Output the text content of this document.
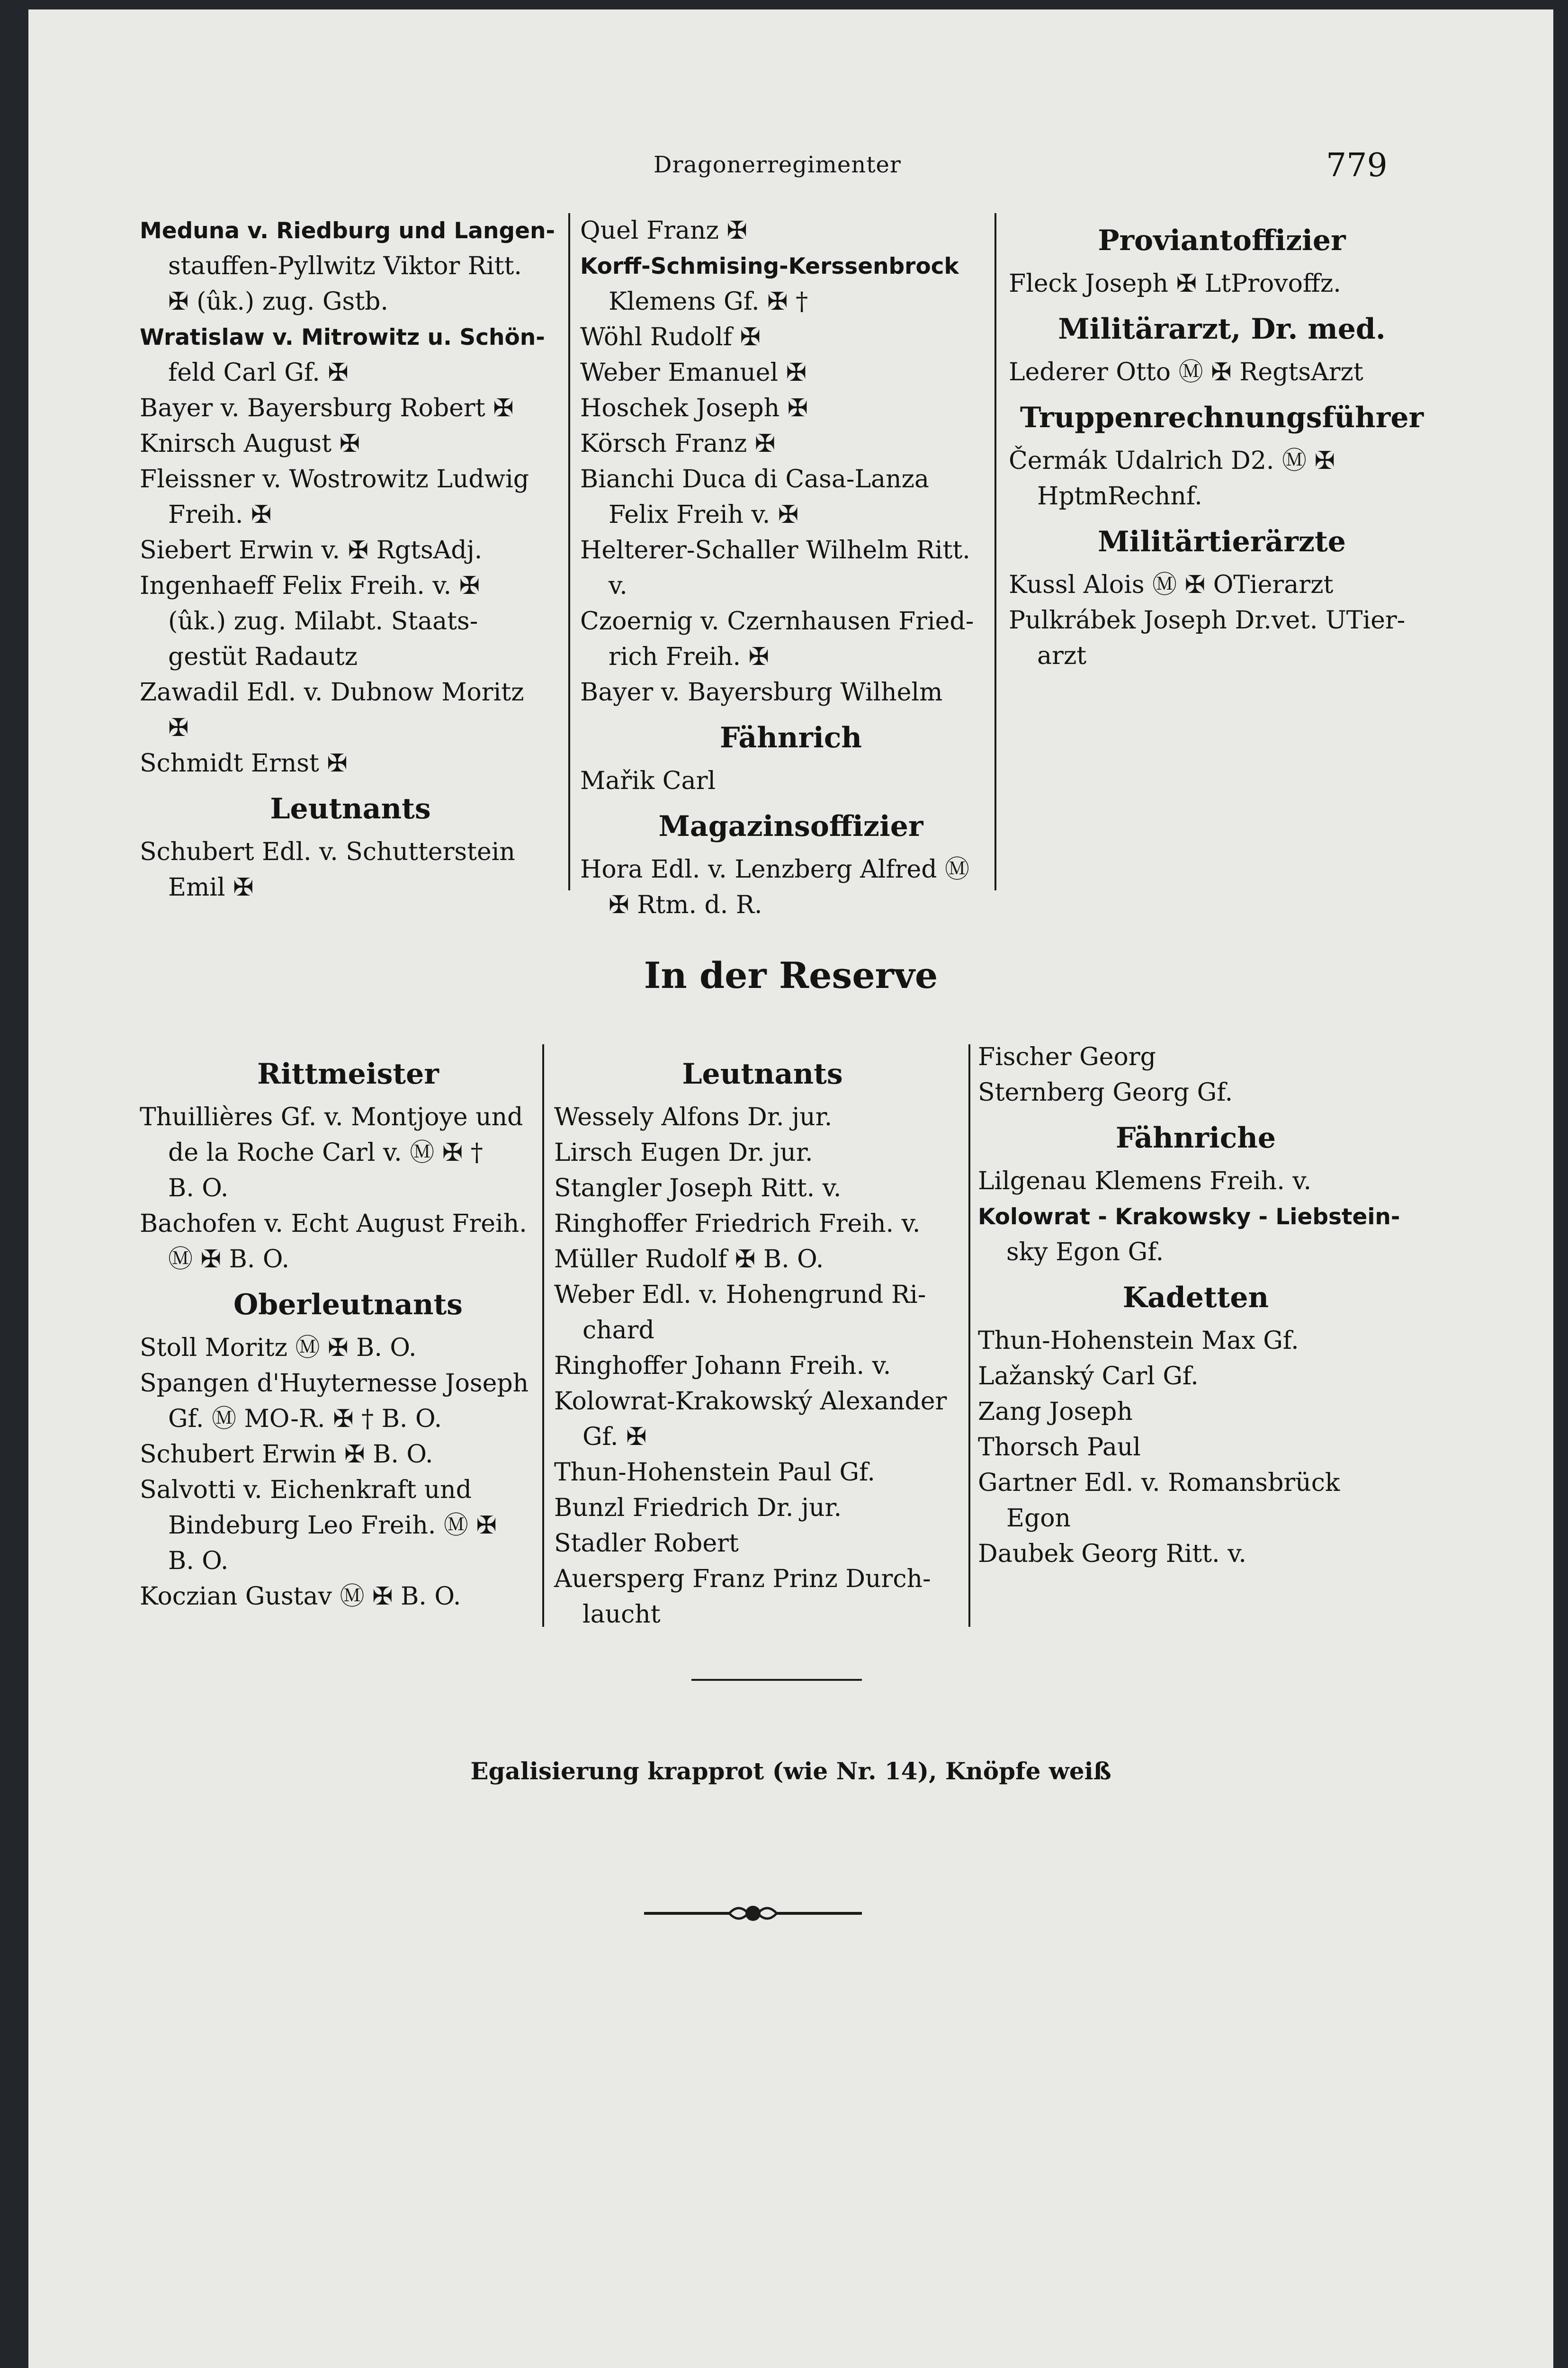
Dragonerregimenter	779

Meduna v. Riedburg und Langen-

stauffen-Pyllwitz Viktor Ritt.

✠ (ûk.) zug. Gstb.

Wratislaw v. Mitrowitz u. Schön-

feld Carl Gf. ✠

Bayer v. Bayersburg Robert ✠

Knirsch August ✠

Fleissner v. Wostrowitz Ludwig

Freih. ✠

Siebert Erwin v. ✠ RgtsAdj.

Ingenhaeff Felix Freih. v. ✠

(ûk.) zug. Milabt. Staats-

gestüt Radautz

Zawadil Edl. v. Dubnow Moritz

✠

Schmidt Ernst ✠

Leutnants

Schubert Edl. v. Schutterstein

Emil ✠

Quel Franz ✠

Korff-Schmising-Kerssenbrock

Klemens Gf. ✠ †

Wöhl Rudolf ✠

Weber Emanuel ✠

Hoschek Joseph ✠

Körsch Franz ✠

Bianchi Duca di Casa-Lanza

Felix Freih v. ✠

Helterer-Schaller Wilhelm Ritt.

v.

Czoernig v. Czernhausen Fried-

rich Freih. ✠

Bayer v. Bayersburg Wilhelm

Fähnrich

Mařik Carl

Magazinsoffizier

Hora Edl. v. Lenzberg Alfred Ⓜ

✠ Rtm. d. R.

Proviantoffizier

Fleck Joseph ✠ LtProvoffz.

Militärarzt, Dr. med.

Lederer Otto Ⓜ ✠ RegtsArzt

Truppenrechnungsführer

Čermák Udalrich D2. Ⓜ ✠

HptmRechnf.

Militärtierärzte

Kussl Alois Ⓜ ✠ OTierarzt

Pulkrábek Joseph Dr.vet. UTier-

arzt

In der Reserve

Rittmeister

Thuillières Gf. v. Montjoye und

de la Roche Carl v. Ⓜ ✠ †

B. O.

Bachofen v. Echt August Freih.

Ⓜ ✠ B. O.

Oberleutnants

Stoll Moritz Ⓜ ✠ B. O.

Spangen d'Huyternesse Joseph

Gf. Ⓜ MO-R. ✠ † B. O.

Schubert Erwin ✠ B. O.

Salvotti v. Eichenkraft und

Bindeburg Leo Freih. Ⓜ ✠

B. O.

Koczian Gustav Ⓜ ✠ B. O.

Leutnants

Wessely Alfons Dr. jur.

Lirsch Eugen Dr. jur.

Stangler Joseph Ritt. v.

Ringhoffer Friedrich Freih. v.

Müller Rudolf ✠ B. O.

Weber Edl. v. Hohengrund Ri-

chard

Ringhoffer Johann Freih. v.

Kolowrat-Krakowský Alexander

Gf. ✠

Thun-Hohenstein Paul Gf.

Bunzl Friedrich Dr. jur.

Stadler Robert

Auersperg Franz Prinz Durch-

laucht

Fischer Georg

Sternberg Georg Gf.

Fähnriche

Lilgenau Klemens Freih. v.

Kolowrat - Krakowsky - Liebstein-

sky Egon Gf.

Kadetten

Thun-Hohenstein Max Gf.

Lažanský Carl Gf.

Zang Joseph

Thorsch Paul

Gartner Edl. v. Romansbrück

Egon

Daubek Georg Ritt. v.

Egalisierung krapprot (wie Nr. 14), Knöpfe weiß
